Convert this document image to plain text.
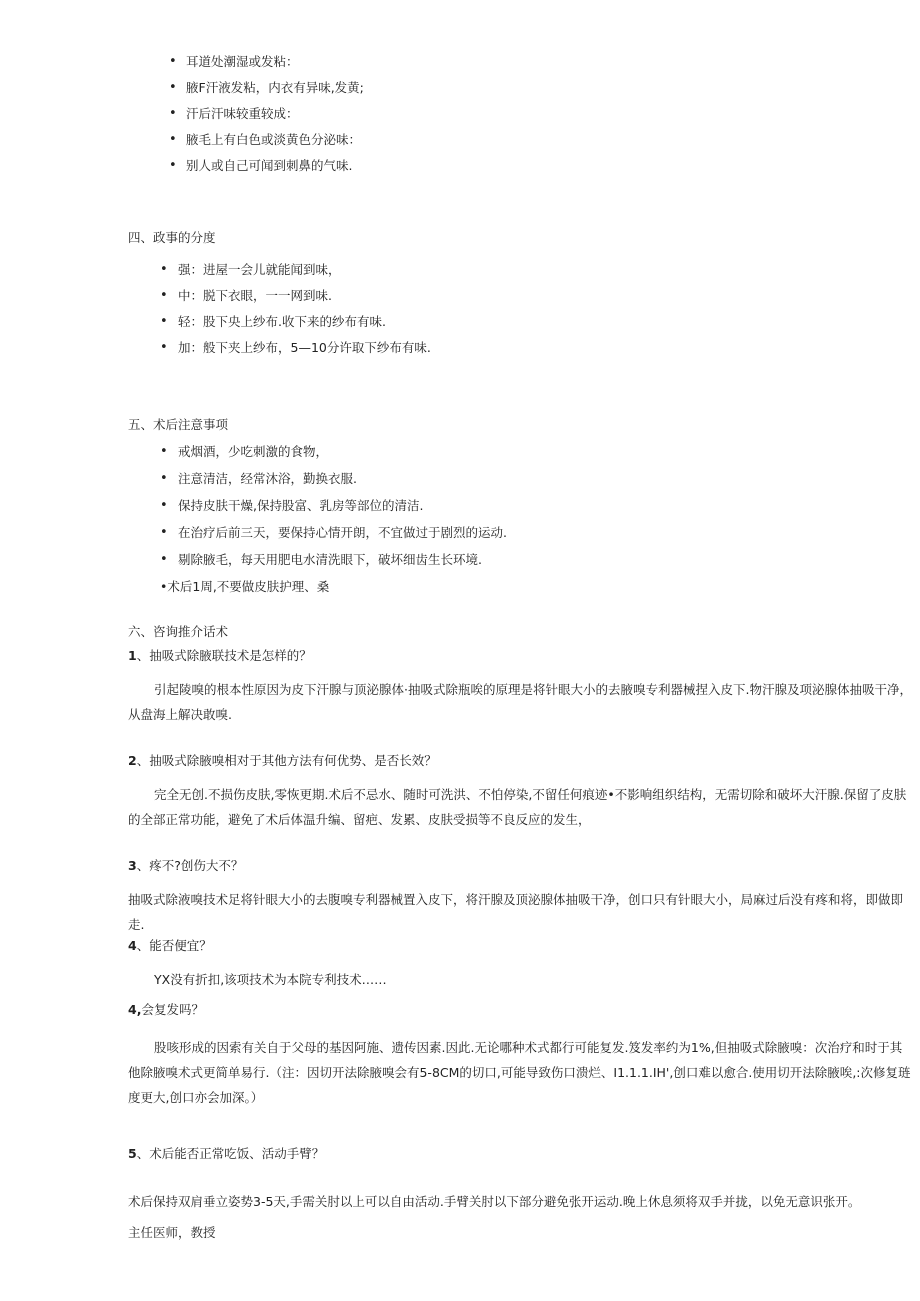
• 耳道处潮湿或发粘：
• 腋F汗液发粘，内衣有异味,发黄;
• 汗后汗味较重较成：
• 腋毛上有白色或淡黄色分泌味：
• 别人或自己可闻到刺鼻的气味.
四、政事的分度
• 强：进屋一会儿就能闻到味，
• 中：脱下衣眼，一一网到味.
• 轻：股下央上纱布.收下来的纱布有味.
• 加：般下夹上纱布，5—10分许取下纱布有味.
五、术后注意事项
• 戒烟酒，少吃刺激的食物，
• 注意清洁，经常沐浴，勤换衣服.
• 保持皮肤干燥,保持股富、乳房等部位的清洁.
• 在治疗后前三天，要保持心情开朗，不宜做过于剧烈的运动.
• 剔除腋毛，每天用肥电水清洗眼下，破坏细齿生长环境.
•术后1周,不要做皮肤护理、桑
六、咨询推介话术
1、抽吸式除腋联技术是怎样的？
引起陵嗅的根本性原因为皮下汗腺与顶泌腺体·抽吸式除瓶唉的原理是将针眼大小的去腋嗅专利器械捏入皮下.物汗腺及项泌腺体抽吸干净，从盘海上解决敢嗅.
2、抽吸式除腋嗅相对于其他方法有何优势、是否长效？
完全无创.不损伤皮肤,零恢更期.术后不忌水、随时可洗洪、不怕停染,不留任何痕迹•不影响组织结构，无需切除和破坏大汗腺.保留了皮肤的全部正常功能，避免了术后体温升编、留疤、发累、皮肤受损等不良反应的发生，
3、疼不?创伤大不？
抽吸式除液嗅技术足将针眼大小的去腹嗅专利器械置入皮下，将汗腺及顶泌腺体抽吸干净，创口只有针眼大小，局麻过后没有疼和将，即做即走.
4、能否便宜？
YX没有折扣,该项技术为本院专利技术……
4,会复发吗？
股咳形成的因索有关自于父母的基因阿施、遗传因素.因此.无论哪种术式都行可能复发.笈发率约为1%,但抽吸式除腋嗅：次治疗和时于其他除腋嗅术式更简单易行.（注：因切开法除腋嗅会有5-8CM的切口,可能导致伤口溃烂、I1.1.1.IH',创口难以愈合.使用切开法除腋唉,:次修复琏度更大,创口亦会加深。）
5、术后能否正常吃饭、活动手臂？
术后保持双肩垂立姿势3-5天,手需关肘以上可以自由活动.手臂关肘以下部分避免张开运动.晚上休息须将双手并拢，以免无意识张开。
主任医师，教授
